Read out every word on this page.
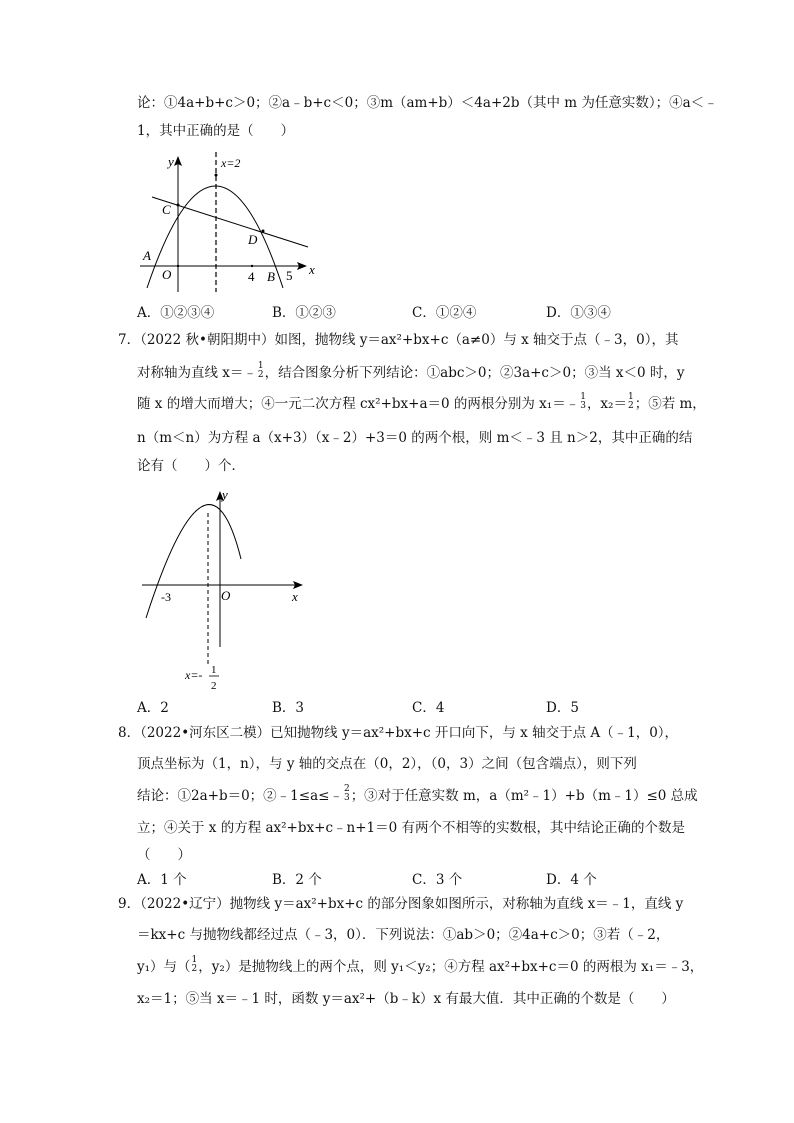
论：①4a+b+c＞0；②a﹣b+c＜0；③m（am+b）＜4a+2b（其中 m 为任意实数）；④a＜﹣
1，其中正确的是（　　）
y	x=2
C
D
A
O	4 B 5 x
A．①②③④	B．①②③	C．①②④	D．①③④
7．（2022 秋•朝阳期中）如图，抛物线 y＝ax²+bx+c（a≠0）与 x 轴交于点（﹣3，0），其
对称轴为直线 x＝﹣ 1
2 ，结合图象分析下列结论：①abc＞0；②3a+c＞0；③当 x＜0 时，y
随 x 的增大而增大；④一元二次方程 cx²+bx+a＝0 的两根分别为 x₁＝﹣ 1
3 ，x₂＝ 1
2 ；⑤若 m，
n（m＜n）为方程 a（x+3）（x﹣2）+3＝0 的两个根，则 m＜﹣3 且 n＞2，其中正确的结
论有（　　）个．
y
-3	O	x
x=- 1
2
A．2	B．3	C．4	D．5
8．（2022•河东区二模）已知抛物线 y＝ax²+bx+c 开口向下，与 x 轴交于点 A（﹣1，0），
顶点坐标为（1，n），与 y 轴的交点在（0，2），（0，3）之间（包含端点），则下列
结论：①2a+b＝0；②﹣1≤a≤﹣ 2
3 ；③对于任意实数 m，a（m²﹣1）+b（m﹣1）≤0 总成
立；④关于 x 的方程 ax²+bx+c﹣n+1＝0 有两个不相等的实数根，其中结论正确的个数是
（　　）
A．1 个	B．2 个	C．3 个	D．4 个
9．（2022•辽宁）抛物线 y＝ax²+bx+c 的部分图象如图所示，对称轴为直线 x＝﹣1，直线 y
＝kx+c 与抛物线都经过点（﹣3，0）．下列说法：①ab＞0；②4a+c＞0；③若（﹣2，
y₁）与（ 1
2 ，y₂）是抛物线上的两个点，则 y₁＜y₂；④方程 ax²+bx+c＝0 的两根为 x₁＝﹣3，
x₂＝1；⑤当 x＝﹣1 时，函数 y＝ax²+（b﹣k）x 有最大值．其中正确的个数是（　　）
